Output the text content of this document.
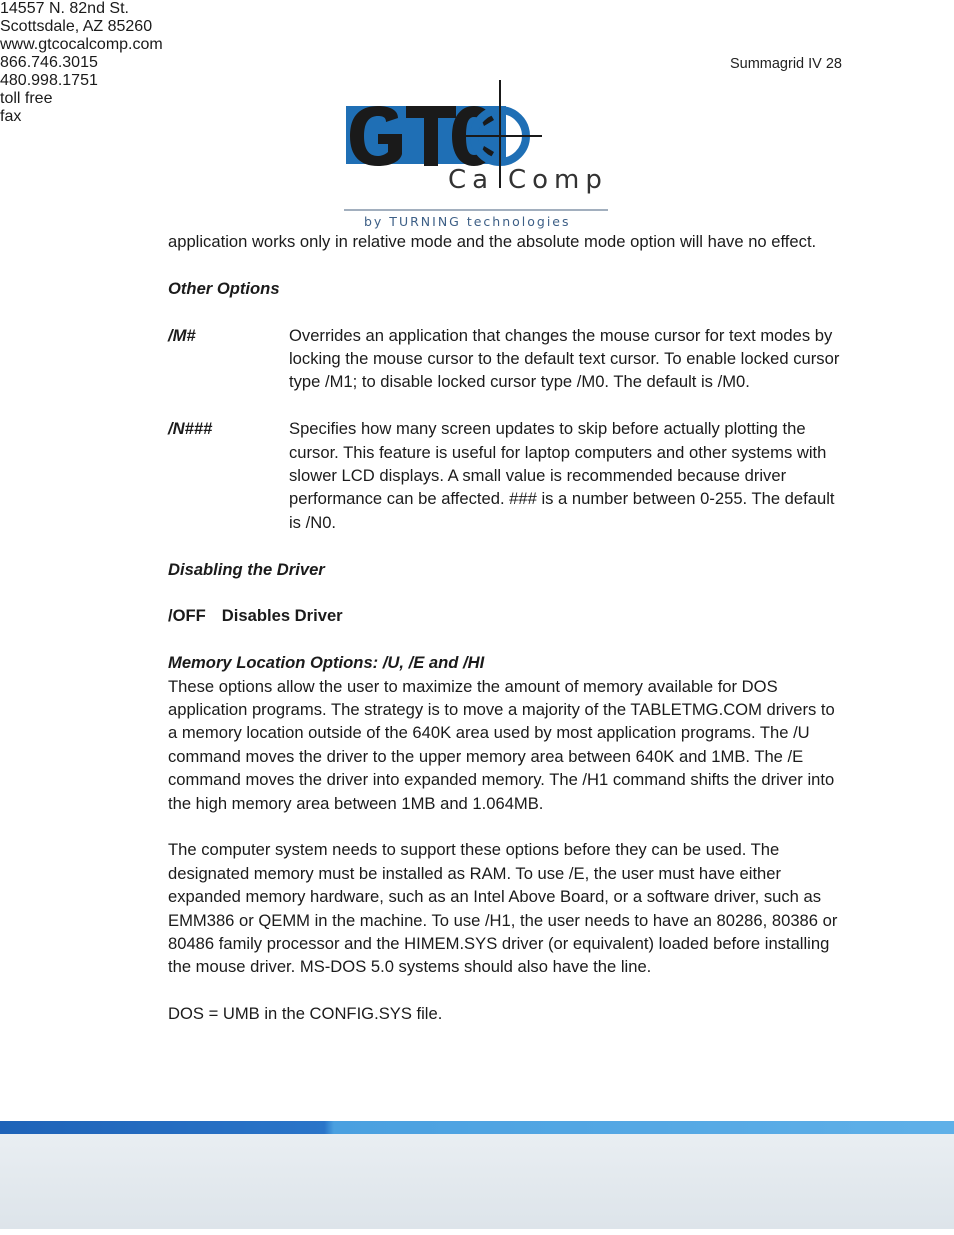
Summagrid IV 28
Ca Comp
by TURNING technologies

application works only in relative mode and the absolute mode option will have no effect.

Other Options

/M#	Overrides an application that changes the mouse cursor for text modes by locking the mouse cursor to the default text cursor. To enable locked cursor type /M1; to disable locked cursor type /M0. The default is /M0.
/N###	Specifies how many screen updates to skip before actually plotting the cursor. This feature is useful for laptop computers and other systems with slower LCD displays. A small value is recommended because driver performance can be affected. ### is a number between 0-255. The default is /N0.

Disabling the Driver

/OFF Disables Driver

Memory Location Options: /U, /E and /HI

These options allow the user to maximize the amount of memory available for DOS application programs. The strategy is to move a majority of the TABLETMG.COM drivers to a memory location outside of the 640K area used by most application programs. The /U command moves the driver to the upper memory area between 640K and 1MB. The /E command moves the driver into expanded memory. The /H1 command shifts the driver into the high memory area between 1MB and 1.064MB.

The computer system needs to support these options before they can be used. The designated memory must be installed as RAM. To use /E, the user must have either expanded memory hardware, such as an Intel Above Board, or a software driver, such as EMM386 or QEMM in the machine. To use /H1, the user needs to have an 80286, 80386 or 80486 family processor and the HIMEM.SYS driver (or equivalent) loaded before installing the mouse driver. MS-DOS 5.0 systems should also have the line.

DOS = UMB in the CONFIG.SYS file.

14557 N. 82nd St.
Scottsdale, AZ 85260
www.gtcocalcomp.com
866.746.3015
480.998.1751
toll free
fax
